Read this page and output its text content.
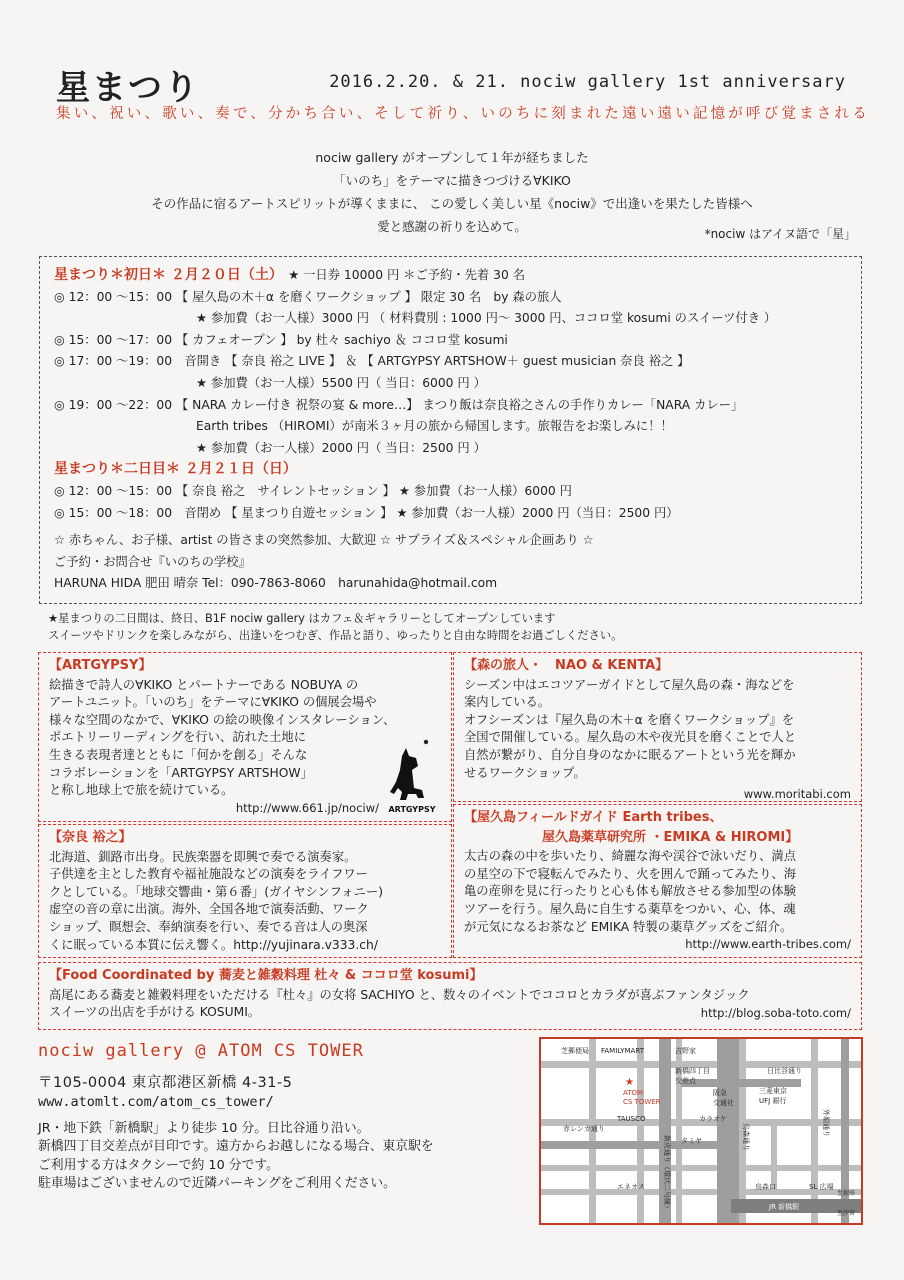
星まつり	2016.2.20. & 21. nociw gallery 1st anniversary
集い、祝い、歌い、奏で、分かち合い、そして祈り、いのちに刻まれた遠い遠い記憶が呼び覚まされる
nociw gallery がオープンして１年が経ちました
「いのち」をテーマに描きつづける∀KIKO
その作品に宿るアートスピリットが導くままに、 この愛しく美しい星《nociw》で出逢いを果たした皆様へ
愛と感謝の祈りを込めて。	*nociw はアイヌ語で「星」
星まつり＊初日＊ ２月２０日（土）　 ★ 一日券 10000 円 ＊ご予約・先着 30 名
◎ 12：00 ～15：00 【 屋久島の木＋α を磨くワークショップ 】 限定 30 名　by 森の旅人
★ 参加費（お一人様）3000 円 （ 材料費別 : 1000 円～ 3000 円、ココロ堂 kosumi のスイーツ付き ）
◎ 15：00 ～17：00 【 カフェオープン 】 by 杜々 sachiyo ＆ ココロ堂 kosumi
◎ 17：00 ～19：00　音開き 【 奈良 裕之 LIVE 】 ＆ 【 ARTGYPSY ARTSHOW＋ guest musician 奈良 裕之 】
★ 参加費（お一人様）5500 円（ 当日：6000 円 ）
◎ 19：00 ～22：00 【 NARA カレー付き 祝祭の宴 & more…】 まつり飯は奈良裕之さんの手作りカレー「NARA カレー」
Earth tribes （HIROMI）が南米３ヶ月の旅から帰国します。旅報告をお楽しみに！！
★ 参加費（お一人様）2000 円（ 当日：2500 円 ）
星まつり＊二日目＊ ２月２１日（日）
◎ 12：00 ～15：00 【 奈良 裕之　サイレントセッション 】 ★ 参加費（お一人様）6000 円
◎ 15：00 ～18：00　音閉め 【 星まつり自遊セッション 】 ★ 参加費（お一人様）2000 円（当日：2500 円）
☆ 赤ちゃん、お子様、artist の皆さまの突然参加、大歓迎 ☆ サプライズ＆スペシャル企画あり ☆
ご予約・お問合せ『いのちの学校』
HARUNA HIDA 肥田 晴奈 Tel：090-7863-8060　harunahida@hotmail.com
★星まつりの二日間は、終日、B1F nociw gallery はカフェ＆ギャラリーとしてオープンしています
スイーツやドリンクを楽しみながら、出逢いをつむぎ、作品と語り、ゆったりと自由な時間をお過ごしください。
【ARTGYPSY】
絵描きで詩人の∀KIKO とパートナーである NOBUYA の
アートユニット。「いのち」をテーマに∀KIKO の個展会場や
様々な空間のなかで、∀KIKO の絵の映像インスタレーション、
ポエトリーリーディングを行い、訪れた土地に
生きる表現者達とともに「何かを創る」そんな
コラボレーションを「ARTGYPSY ARTSHOW」
と称し地球上で旅を続けている。
http://www.661.jp/nociw/	ARTGYPSY
【森の旅人・　NAO & KENTA】
シーズン中はエコツアーガイドとして屋久島の森・海などを
案内している。
オフシーズンは『屋久島の木＋α を磨くワークショップ』を
全国で開催している。屋久島の木や夜光貝を磨くことで人と
自然が繋がり、自分自身のなかに眠るアートという光を輝か
せるワークショップ。
www.moritabi.com
【奈良 裕之】
北海道、釧路市出身。民族楽器を即興で奏でる演奏家。
子供達を主とした教育や福祉施設などの演奏をライフワー
クとしている。「地球交響曲・第６番」(ガイヤシンフォニー)
虚空の音の章に出演。海外、全国各地で演奏活動、ワーク
ショップ、瞑想会、奉納演奏を行い、奏でる音は人の奥深
くに眠っている本質に伝え響く。http://yujinara.v333.ch/
【屋久島フィールドガイド Earth tribes、
屋久島薬草研究所 ・EMIKA & HIROMI】
太古の森の中を歩いたり、綺麗な海や渓谷で泳いだり、満点
の星空の下で寝転んでみたり、火を囲んで踊ってみたり、海
亀の産卵を見に行ったりと心も体も解放させる参加型の体験
ツアーを行う。屋久島に自生する薬草をつかい、心、体、魂
が元気になるお茶など EMIKA 特製の薬草グッズをご紹介。
http://www.earth-tribes.com/
【Food Coordinated by 蕎麦と雑穀料理 杜々 & ココロ堂 kosumi】
高尾にある蕎麦と雑穀料理をいただける『杜々』の女将 SACHIYO と、数々のイベントでココロとカラダが喜ぶファンタジック
スイーツの出店を手がける KOSUMI。	http://blog.soba-toto.com/
nociw gallery @ ATOM CS TOWER
〒105-0004 東京都港区新橋 4-31-5
www.atomlt.com/atom_cs_tower/
JR・地下鉄「新橋駅」より徒歩 10 分。日比谷通り沿い。
新橋四丁目交差点が目印です。遠方からお越しになる場合、東京駅を
ご利用する方はタクシーで約 10 分です。
駐車場はございませんので近隣パーキングをご利用ください。
芝郵便局 FAMILYMART	吉野家
新橋四丁目
交差点
日比谷通り
阪急
交通社
三菱東京
UFJ 銀行
TAUSCO	カラオケ
赤レンガ通り
タミヤ
エネオス	烏森口	SL 広場
JR 新橋駅
至銀座
至汐留
★
ATOM
CS TOWER
新虎通り（環状二号線）	烏森通り	外堀通り
